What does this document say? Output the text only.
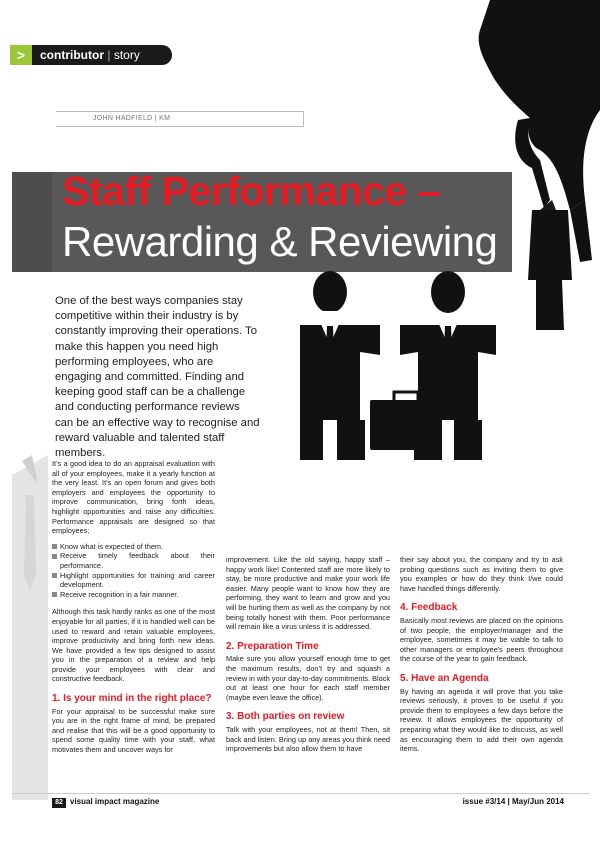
>	contributor | story
JOHN HADFIELD | KM
Staff Performance –
Rewarding & Reviewing
One of the best ways companies stay competitive within their industry is by constantly improving their operations. To make this happen you need high performing employees, who are engaging and committed. Finding and keeping good staff can be a challenge and conducting performance reviews can be an effective way to recognise and reward valuable and talented staff members.

It’s a good idea to do an appraisal evaluation with all of your employees, make it a yearly function at the very least. It’s an open forum and gives both employers and employees the opportunity to improve communication, bring forth ideas, highlight opportunities and raise any difficulties. Performance appraisals are designed so that employees;

Know what is expected of them.
Receive timely feedback about their performance.
Highlight opportunities for training and career development.
Receive recognition in a fair manner.

Although this task hardly ranks as one of the most enjoyable for all parties, if it is handled well can be used to reward and retain valuable employees, improve productivity and bring forth new ideas. We have provided a few tips designed to assist you in the preparation of a review and help provide your employees with clear and constructive feedback.

1. Is your mind in the right place?

For your appraisal to be successful make sure you are in the right frame of mind, be prepared and realise that this will be a good opportunity to spend some quality time with your staff, what motivates them and uncover ways for

improvement. Like the old saying, happy staff – happy work like! Contented staff are more likely to stay, be more productive and make your work life easier. Many people want to know how they are performing, they want to learn and grow and you will be hurting them as well as the company by not being totally honest with them. Poor performance will remain like a virus unless it is addressed.

2. Preparation Time

Make sure you allow yourself enough time to get the maximum results, don’t try and squash a review in with your day-to-day commitments. Block out at least one hour for each staff member (maybe even leave the office).

3. Both parties on review

Talk with your employees, not at them! Then, sit back and listen. Bring up any areas you think need improvements but also allow them to have

their say about you, the company and try to ask probing questions such as inviting them to give you examples or how do they think I/we could have handled things differently.

4. Feedback

Basically most reviews are placed on the opinions of two people, the employer/manager and the employee, sometimes it may be viable to talk to other managers or employee's peers throughout the course of the year to gain feedback.

5. Have an Agenda

By having an agenda it will prove that you take reviews seriously, it proves to be useful if you provide them to employees a few days before the review. It allows employees the opportunity of preparing what they would like to discuss, as well as encouraging them to add their own agenda items.

82 visual impact magazine	issue #3/14 | May/Jun 2014
